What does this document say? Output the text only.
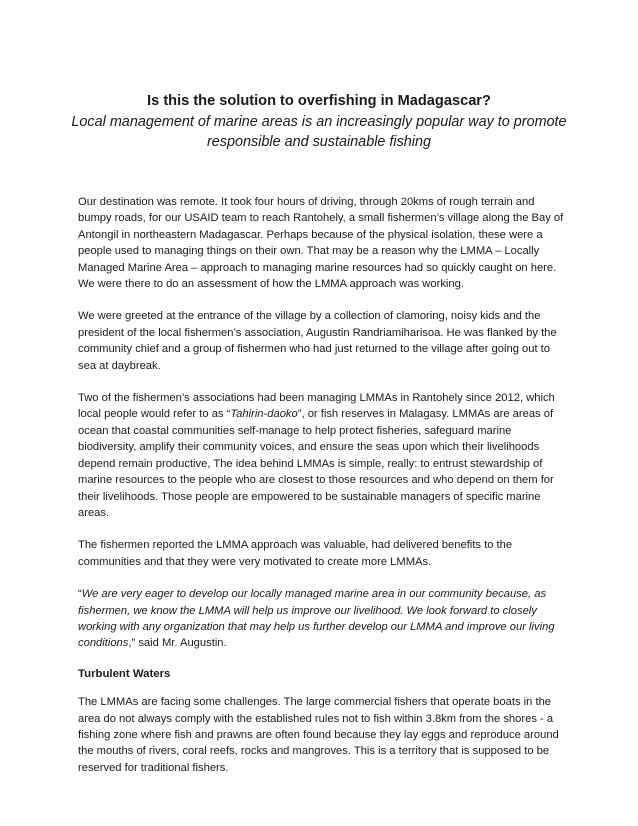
Is this the solution to overfishing in Madagascar?
Local management of marine areas is an increasingly popular way to promote responsible and sustainable fishing

Our destination was remote. It took four hours of driving, through 20kms of rough terrain and bumpy roads, for our USAID team to reach Rantohely, a small fishermen’s village along the Bay of Antongil in northeastern Madagascar. Perhaps because of the physical isolation, these were a people used to managing things on their own. That may be a reason why the LMMA – Locally Managed Marine Area – approach to managing marine resources had so quickly caught on here. We were there to do an assessment of how the LMMA approach was working.

We were greeted at the entrance of the village by a collection of clamoring, noisy kids and the president of the local fishermen’s association, Augustin Randriamiharisoa. He was flanked by the community chief and a group of fishermen who had just returned to the village after going out to sea at daybreak.

Two of the fishermen’s associations had been managing LMMAs in Rantohely since 2012, which local people would refer to as “Tahirin-daoko”, or fish reserves in Malagasy. LMMAs are areas of ocean that coastal communities self-manage to help protect fisheries, safeguard marine biodiversity, amplify their community voices, and ensure the seas upon which their livelihoods depend remain productive, The idea behind LMMAs is simple, really: to entrust stewardship of marine resources to the people who are closest to those resources and who depend on them for their livelihoods. Those people are empowered to be sustainable managers of specific marine areas.

The fishermen reported the LMMA approach was valuable, had delivered benefits to the communities and that they were very motivated to create more LMMAs.

“We are very eager to develop our locally managed marine area in our community because, as fishermen, we know the LMMA will help us improve our livelihood. We look forward to closely working with any organization that may help us further develop our LMMA and improve our living conditions,” said Mr. Augustin.

Turbulent Waters

The LMMAs are facing some challenges. The large commercial fishers that operate boats in the area do not always comply with the established rules not to fish within 3.8km from the shores - a fishing zone where fish and prawns are often found because they lay eggs and reproduce around the mouths of rivers, coral reefs, rocks and mangroves. This is a territory that is supposed to be reserved for traditional fishers.
